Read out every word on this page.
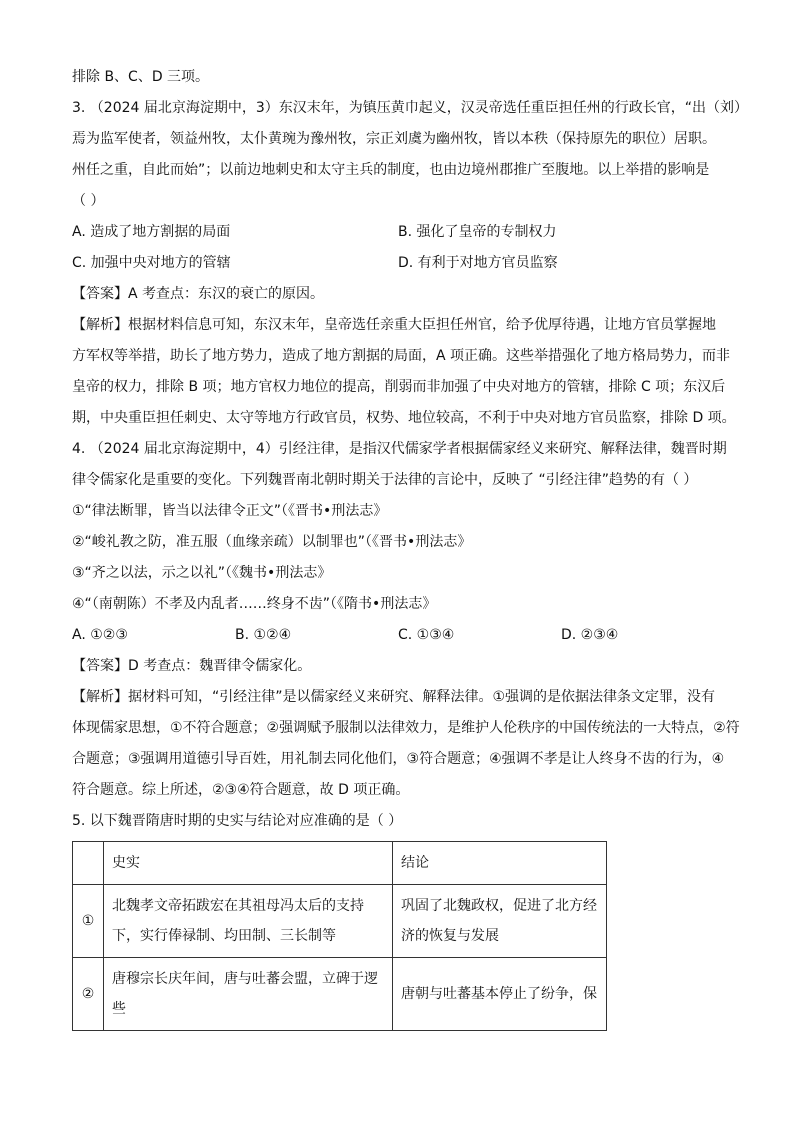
排除 B、C、D 三项。
3. （2024 届北京海淀期中，3）东汉末年，为镇压黄巾起义，汉灵帝选任重臣担任州的行政长官，“出（刘）
焉为监军使者，领益州牧，太仆黄琬为豫州牧，宗正刘虞为幽州牧，皆以本秩（保持原先的职位）居职。
州任之重，自此而始”；以前边地刺史和太守主兵的制度，也由边境州郡推广至腹地。以上举措的影响是
（ ）
A. 造成了地方割据的局面	B. 强化了皇帝的专制权力
C. 加强中央对地方的管辖	D. 有利于对地方官员监察
【答案】A 考查点：东汉的衰亡的原因。
【解析】根据材料信息可知，东汉末年，皇帝选任亲重大臣担任州官，给予优厚待遇，让地方官员掌握地
方军权等举措，助长了地方势力，造成了地方割据的局面，A 项正确。这些举措强化了地方格局势力，而非
皇帝的权力，排除 B 项；地方官权力地位的提高，削弱而非加强了中央对地方的管辖，排除 C 项；东汉后
期，中央重臣担任刺史、太守等地方行政官员，权势、地位较高，不利于中央对地方官员监察，排除 D 项。
4. （2024 届北京海淀期中，4）引经注律，是指汉代儒家学者根据儒家经义来研究、解释法律，魏晋时期
律令儒家化是重要的变化。下列魏晋南北朝时期关于法律的言论中，反映了 “引经注律”趋势的有（ ）
①“律法断罪，皆当以法律令正文”（《晋书•刑法志》
②“峻礼教之防，准五服（血缘亲疏）以制罪也”（《晋书•刑法志》
③“齐之以法，示之以礼”（《魏书•刑法志》
④“（南朝陈）不孝及内乱者……终身不齿”（《隋书•刑法志》
A. ①②③	B. ①②④	C. ①③④	D. ②③④
【答案】D 考查点：魏晋律令儒家化。
【解析】据材料可知，“引经注律”是以儒家经义来研究、解释法律。①强调的是依据法律条文定罪，没有
体现儒家思想，①不符合题意；②强调赋予服制以法律效力，是维护人伦秩序的中国传统法的一大特点，②符
合题意；③强调用道德引导百姓，用礼制去同化他们，③符合题意；④强调不孝是让人终身不齿的行为，④
符合题意。综上所述，②③④符合题意，故 D 项正确。
5. 以下魏晋隋唐时期的史实与结论对应准确的是（ ）
	史实	结论
①	北魏孝文帝拓跋宏在其祖母冯太后的支持下，实行俸禄制、均田制、三长制等	巩固了北魏政权，促进了北方经济的恢复与发展
②	唐穆宗长庆年间，唐与吐蕃会盟，立碑于逻些	唐朝与吐蕃基本停止了纷争，保
